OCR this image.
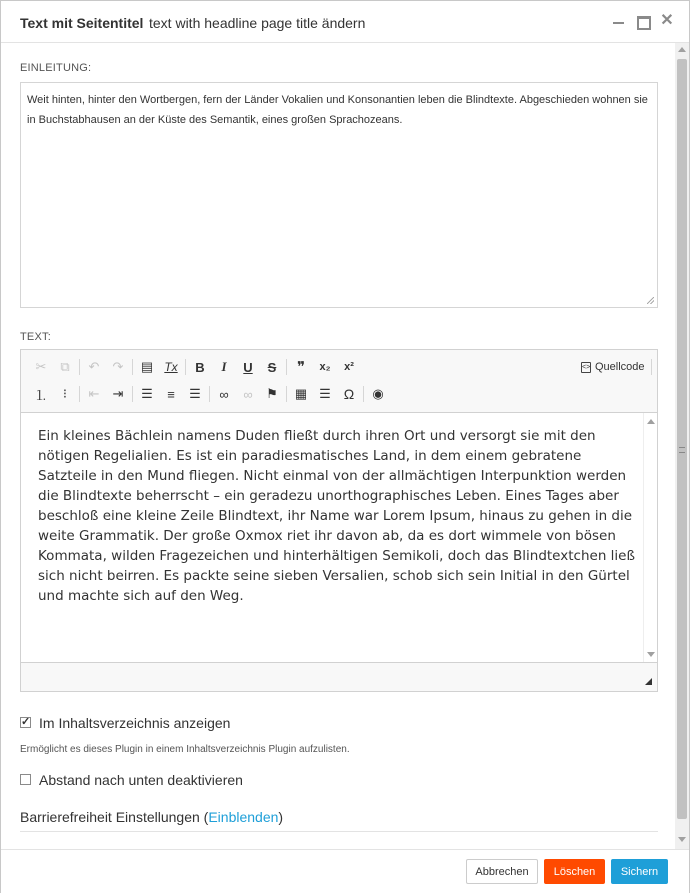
Text mit Seitentitel text with headline page title ändern	✕
EINLEITUNG:
Weit hinten, hinter den Wortbergen, fern der Länder Vokalien und Konsonantien leben die Blindtexte. Abgeschieden wohnen sie in Buchstabhausen an der Küste des Semantik, eines großen Sprachozeans.
TEXT:
✂	⧉	↶	↷	▤ Tx	B	I	U	S	❞	x₂	x²
⒈	⁝	⇤	⇥	☰	≡	☰	∞	∞	⚑	▦ ☰ Ω	◉
<> Quellcode

Ein kleines Bächlein namens Duden fließt durch ihren Ort und versorgt sie mit den nötigen Regelialien. Es ist ein paradiesmatisches Land, in dem einem gebratene Satzteile in den Mund fliegen. Nicht einmal von der allmächtigen Interpunktion werden die Blindtexte beherrscht – ein geradezu unorthographisches Leben. Eines Tages aber beschloß eine kleine Zeile Blindtext, ihr Name war Lorem Ipsum, hinaus zu gehen in die weite Grammatik. Der große Oxmox riet ihr davon ab, da es dort wimmele von bösen Kommata, wilden Fragezeichen und hinterhältigen Semikoli, doch das Blindtextchen ließ sich nicht beirren. Es packte seine sieben Versalien, schob sich sein Initial in den Gürtel und machte sich auf den Weg.

✓
Im Inhaltsverzeichnis anzeigen
Ermöglicht es dieses Plugin in einem Inhaltsverzeichnis Plugin aufzulisten.
Abstand nach unten deaktivieren
Barrierefreiheit Einstellungen (Einblenden)
Abbrechen	Löschen	Sichern
